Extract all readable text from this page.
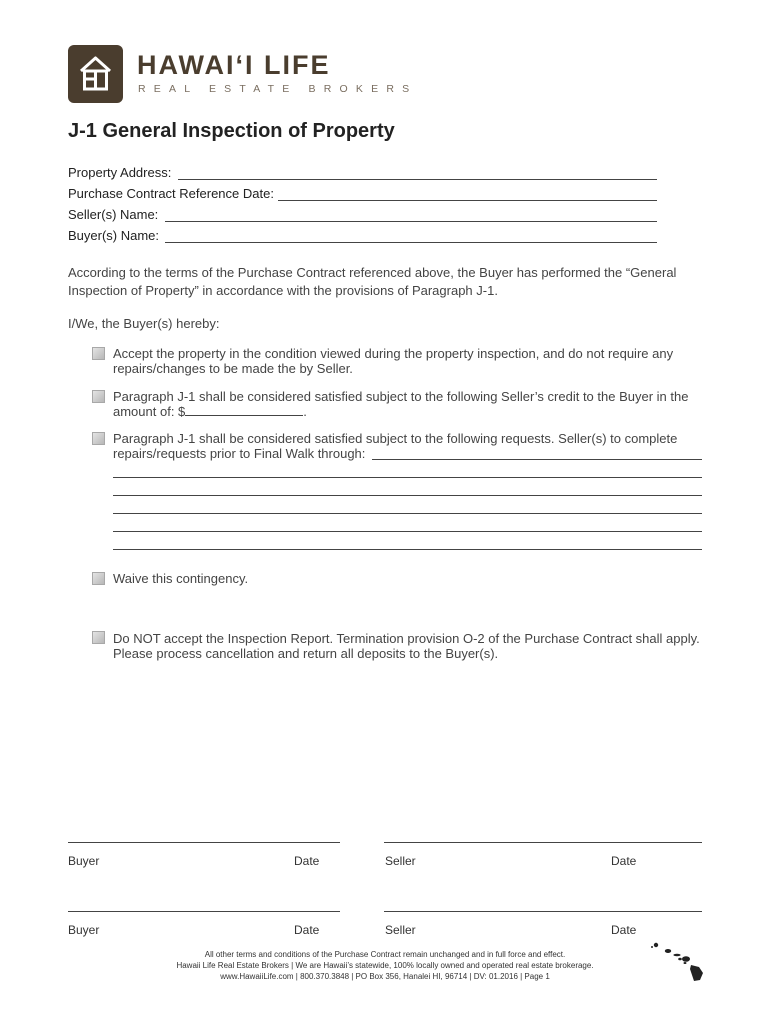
HAWAI‘I LIFE
REAL ESTATE BROKERS
J-1 General Inspection of Property
Property Address:
Purchase Contract Reference Date:
Seller(s) Name:
Buyer(s) Name:
According to the terms of the Purchase Contract referenced above, the Buyer has performed the “General Inspection of Property” in accordance with the provisions of Paragraph J-1.
I/We, the Buyer(s) hereby:
Accept the property in the condition viewed during the property inspection, and do not require any repairs/changes to be made the by Seller.
Paragraph J-1 shall be considered satisfied subject to the following Seller’s credit to the Buyer in the amount of: $	.
Paragraph J-1 shall be considered satisfied subject to the following requests. Seller(s) to complete repairs/requests prior to Final Walk through:
Waive this contingency.
Do NOT accept the Inspection Report. Termination provision O-2 of the Purchase Contract shall apply. Please process cancellation and return all deposits to the Buyer(s).
Buyer	Date	Seller	Date
Buyer	Date	Seller	Date
All other terms and conditions of the Purchase Contract remain unchanged and in full force and effect.
Hawaii Life Real Estate Brokers | We are Hawaii’s statewide, 100% locally owned and operated real estate brokerage.
www.HawaiiLife.com | 800.370.3848 | PO Box 356, Hanalei HI, 96714 | DV: 01.2016 | Page 1
